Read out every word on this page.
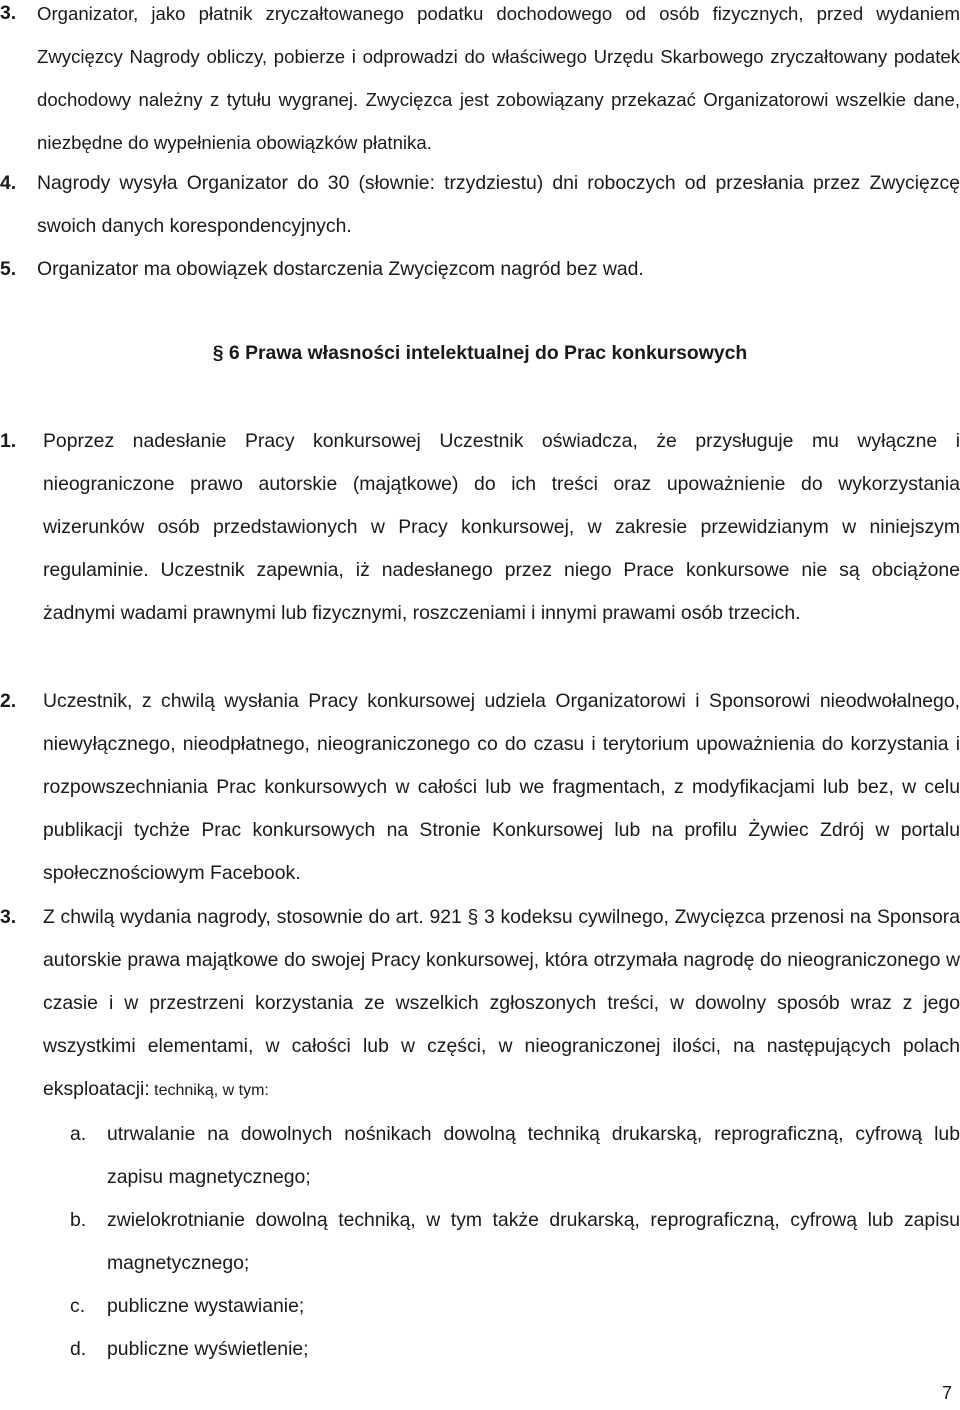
3. Organizator, jako płatnik zryczałtowanego podatku dochodowego od osób fizycznych, przed wydaniem Zwycięzcy Nagrody obliczy, pobierze i odprowadzi do właściwego Urzędu Skarbowego zryczałtowany podatek dochodowy należny z tytułu wygranej. Zwycięzca jest zobowiązany przekazać Organizatorowi wszelkie dane, niezbędne do wypełnienia obowiązków płatnika.
4. Nagrody wysyła Organizator do 30 (słownie: trzydziestu) dni roboczych od przesłania przez Zwycięzcę swoich danych korespondencyjnych.
5. Organizator ma obowiązek dostarczenia Zwycięzcom nagród bez wad.
§ 6 Prawa własności intelektualnej do Prac konkursowych
1. Poprzez nadesłanie Pracy konkursowej Uczestnik oświadcza, że przysługuje mu wyłączne i nieograniczone prawo autorskie (majątkowe) do ich treści oraz upoważnienie do wykorzystania wizerunków osób przedstawionych w Pracy konkursowej, w zakresie przewidzianym w niniejszym regulaminie. Uczestnik zapewnia, iż nadesłanego przez niego Prace konkursowe nie są obciążone żadnymi wadami prawnymi lub fizycznymi, roszczeniami i innymi prawami osób trzecich.
2. Uczestnik, z chwilą wysłania Pracy konkursowej udziela Organizatorowi i Sponsorowi nieodwołalnego, niewyłącznego, nieodpłatnego, nieograniczonego co do czasu i terytorium upoważnienia do korzystania i rozpowszechniania Prac konkursowych w całości lub we fragmentach, z modyfikacjami lub bez, w celu publikacji tychże Prac konkursowych na Stronie Konkursowej lub na profilu Żywiec Zdrój w portalu społecznościowym Facebook.
3. Z chwilą wydania nagrody, stosownie do art. 921 § 3 kodeksu cywilnego, Zwycięzca przenosi na Sponsora autorskie prawa majątkowe do swojej Pracy konkursowej, która otrzymała nagrodę do nieograniczonego w czasie i w przestrzeni korzystania ze wszelkich zgłoszonych treści, w dowolny sposób wraz z jego wszystkimi elementami, w całości lub w części, w nieograniczonej ilości, na następujących polach eksploatacji: techniką, w tym:
a. utrwalanie na dowolnych nośnikach dowolną techniką drukarską, reprograficzną, cyfrową lub zapisu magnetycznego;
b. zwielokrotnianie dowolną techniką, w tym także drukarską, reprograficzną, cyfrową lub zapisu magnetycznego;
c. publiczne wystawianie;
d. publiczne wyświetlenie;
7
